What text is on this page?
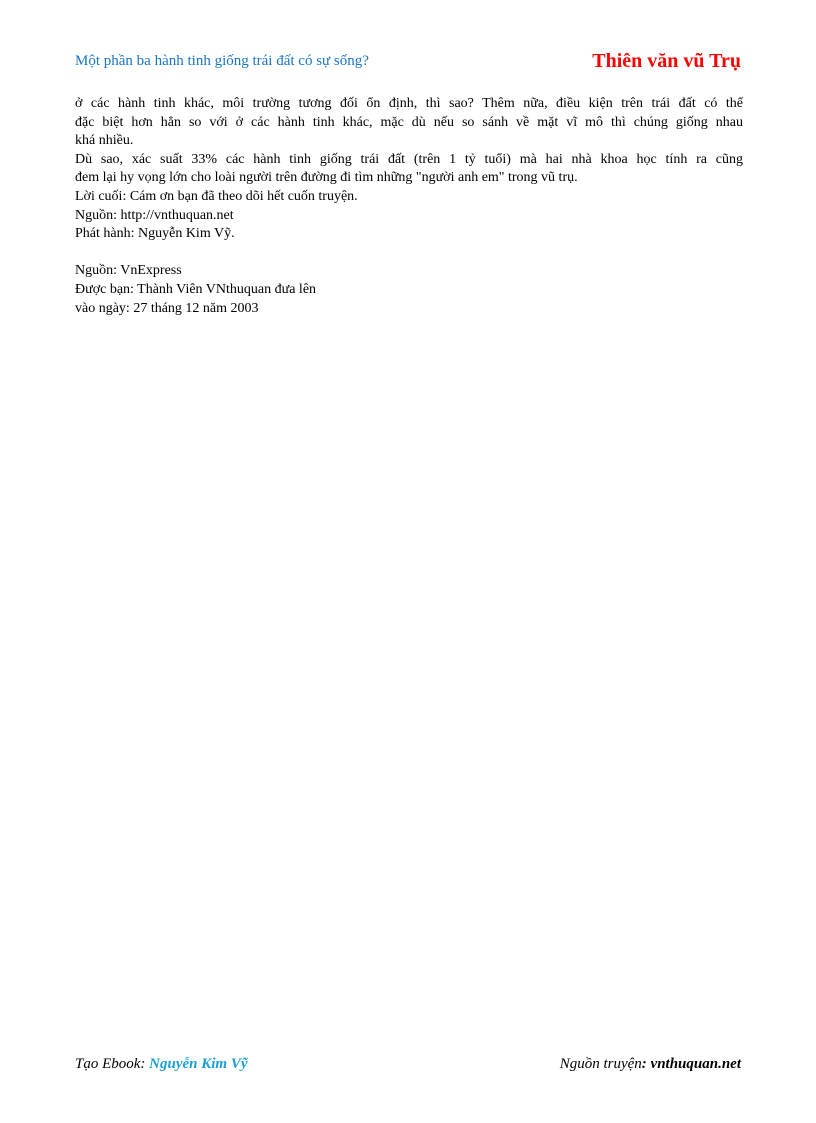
Một phần ba hành tinh giống trái đất có sự sống?	Thiên văn vũ Trụ
ở các hành tinh khác, môi trường tương đối ổn định, thì sao? Thêm nữa, điều kiện trên trái đất có thể
đặc biệt hơn hẳn so với ở các hành tinh khác, mặc dù nếu so sánh về mặt vĩ mô thì chúng giống nhau
khá nhiều.
Dù sao, xác suất 33% các hành tinh giống trái đất (trên 1 tỷ tuổi) mà hai nhà khoa học tính ra cũng
đem lại hy vọng lớn cho loài người trên đường đi tìm những "người anh em" trong vũ trụ.
Lời cuối: Cám ơn bạn đã theo dõi hết cuốn truyện.
Nguồn: http://vnthuquan.net
Phát hành: Nguyễn Kim Vỹ.
Nguồn: VnExpress
Được bạn: Thành Viên VNthuquan đưa lên
vào ngày: 27 tháng 12 năm 2003
Tạo Ebook: Nguyễn Kim Vỹ	Nguồn truyện: vnthuquan.net
